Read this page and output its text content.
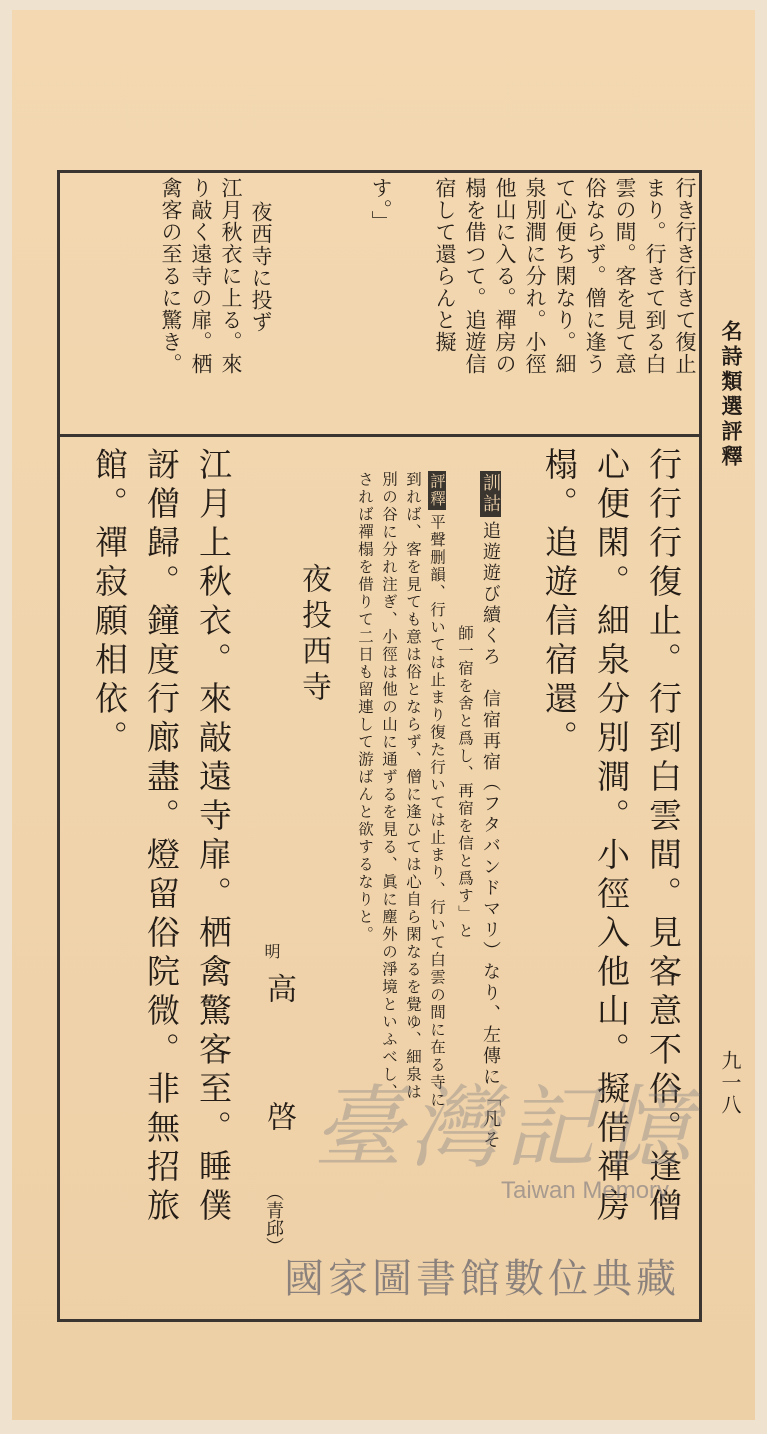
名詩類選評釋
九一八
行き行き行きて復止
まり。行きて到る白
雲の間。客を見て意
俗ならず。僧に逢う
て心便ち閑なり。細
泉別澗に分れ。小徑
他山に入る。禪房の
榻を借つて。追遊信
宿して還らんと擬
す。」
夜西寺に投ず
江月秋衣に上る。來
り敲く遠寺の扉。栖
禽客の至るに驚き。
行行行復止。行到白雲間。見客意不俗。逢僧
心便閑。細泉分別澗。小徑入他山。擬借禪房
榻。追遊信宿還。
訓詁追遊遊び續くろ　信宿再宿（フタバンドマリ）なり、左傳に「凡そ
師一宿を舍と爲し、再宿を信と爲す」と
評釋平聲删韻、行いては止まり復た行いては止まり、行いて白雲の間に在る寺に
到れば、客を見ても意は俗とならず、僧に逢ひては心自ら閑なるを覺ゆ、細泉は
別の谷に分れ注ぎ、小徑は他の山に通ずるを見る、眞に塵外の淨境といふべし、
されば禪榻を借りて二日も留連して游ばんと欲するなりと。
夜投西寺
明
高　　　啓
（青邱）
江月上秋衣。來敲遠寺扉。栖禽驚客至。睡僕
訝僧歸。鐘度行廊盡。燈留俗院微。非無招旅
館。禪寂願相依。
臺灣記憶
Taiwan Memory
國家圖書館數位典藏
